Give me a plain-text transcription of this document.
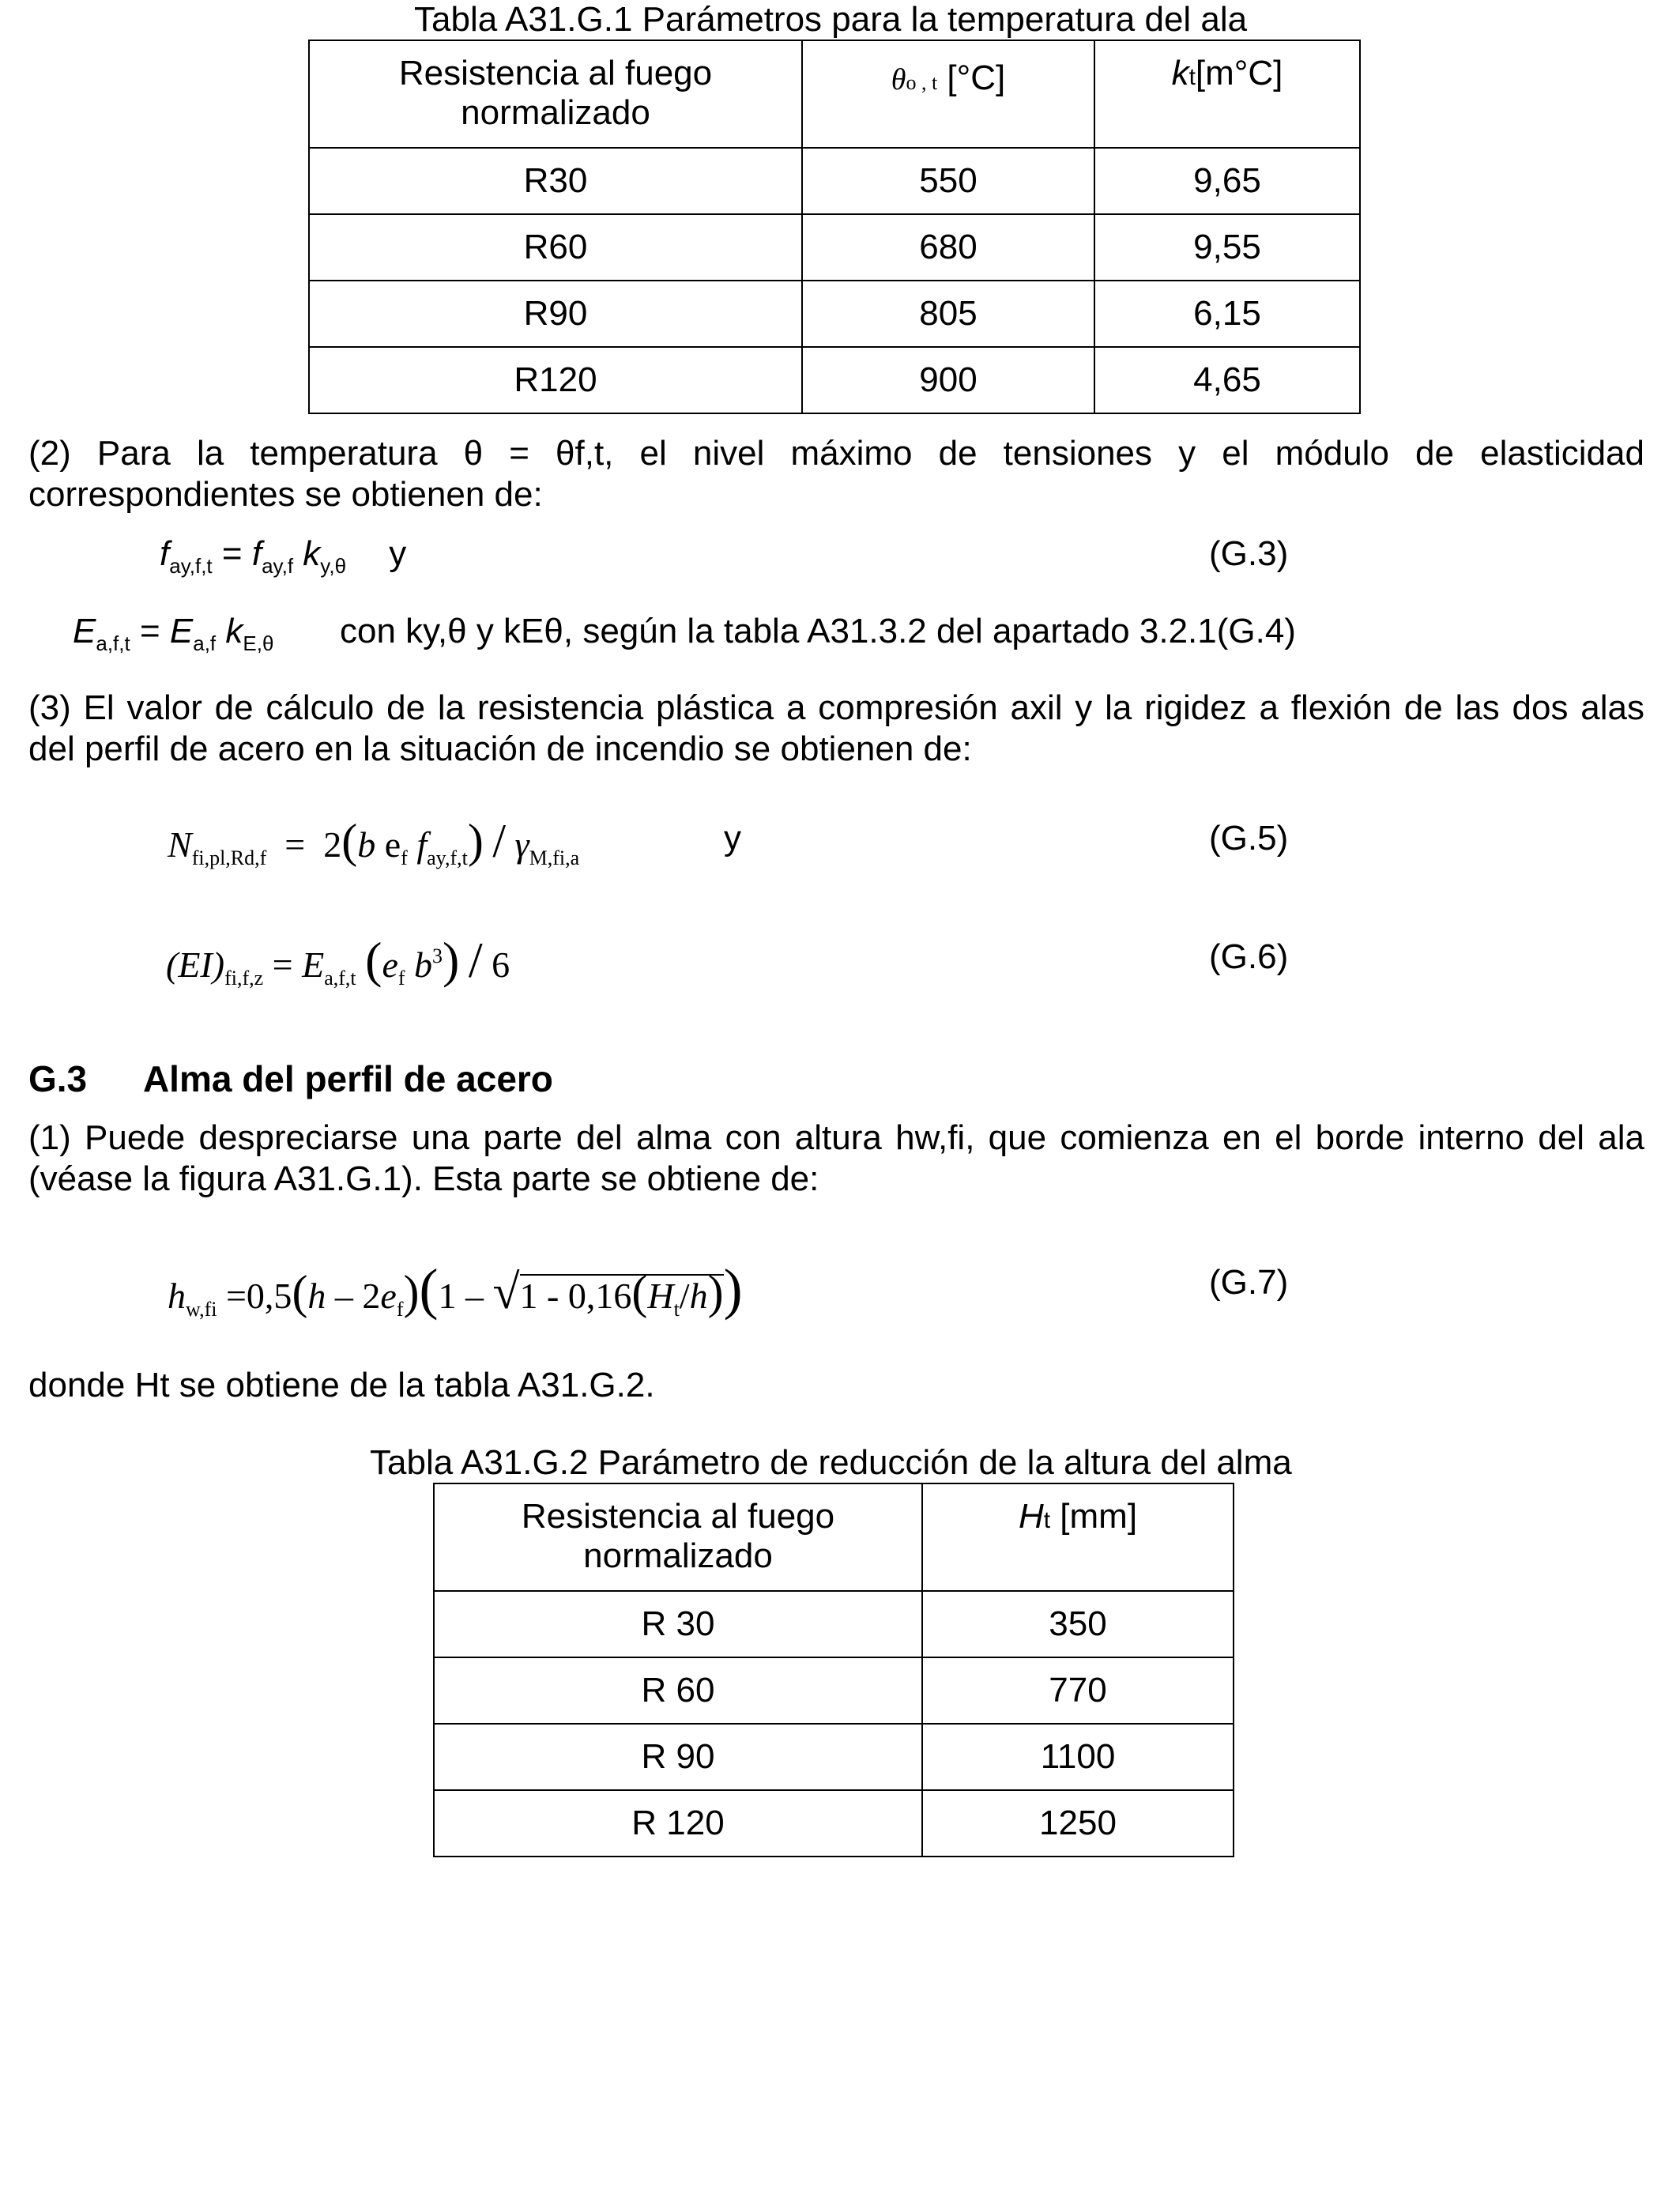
Tabla A31.G.1 Parámetros para la temperatura del ala
Resistencia al fuego
normalizado	θo , t [°C]	kt[m°C]
R30	550	9,65
R60	680	9,55
R90	805	6,15
R120	900	4,65
(2) Para la temperatura θ = θf,t, el nivel máximo de tensiones y el módulo de elasticidad
correspondientes se obtienen de:
$f_{ay,f,t} = f_{ay,f}$ $k_{y,\theta}$ y	(G.3)
$E_{a,f,t} = E_{a,f}$ $k_{E,\theta}$ con ky,θ y kEθ, según la tabla A31.3.2 del apartado 3.2.1(G.4)
(3) El valor de cálculo de la resistencia plástica a compresión axil y la rigidez a flexión de las dos alas
del perfil de acero en la situación de incendio se obtienen de:
$N_{fi,pl,Rd,f} = 2(b$ $e_f$ $f_{ay,f,t}) / \gamma_{M,fi,a}$
y	(G.5)
$(EI)_{fi,f,z} = E_{a,f,t}$ ($e_f$ $b^3) / 6$	(G.6)
G.3 Alma del perfil de acero
(1) Puede despreciarse una parte del alma con altura hw,fi, que comienza en el borde interno del ala
(véase la figura A31.G.1). Esta parte se obtiene de:
$h_{w,fi} =0,5(h - 2e_f)(1 - √1 - 0,16(H_t/h))$	(G.7)
donde Ht se obtiene de la tabla A31.G.2.
Tabla A31.G.2 Parámetro de reducción de la altura del alma
Resistencia al fuego
normalizado	Ht [mm]
R 30	350
R 60	770
R 90	1100
R 120	1250
